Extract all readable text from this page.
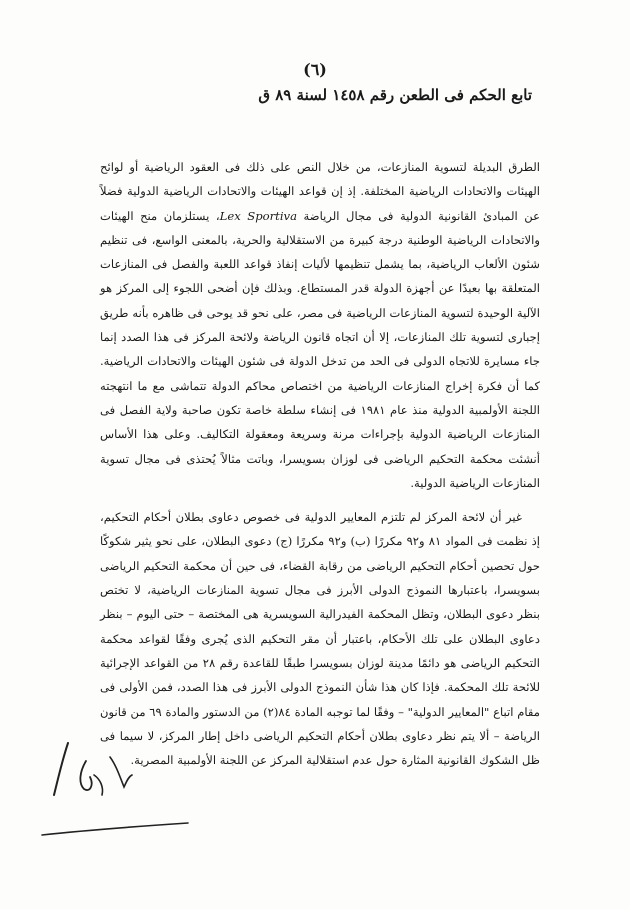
(٦)
تابع الحكم فى الطعن رقم ١٤٥٨ لسنة ٨٩ ق

الطرق البديلة لتسوية المنازعات، من خلال النص على ذلك فى العقود الرياضية أو لوائح الهيئات والاتحادات الرياضية المختلفة. إذ إن قواعد الهيئات والاتحادات الرياضية الدولية فضلاً عن المبادئ القانونية الدولية فى مجال الرياضة Lex Sportiva، يستلزمان منح الهيئات والاتحادات الرياضية الوطنية درجة كبيرة من الاستقلالية والحرية، بالمعنى الواسع، فى تنظيم شئون الألعاب الرياضية، بما يشمل تنظيمها لأليات إنفاذ قواعد اللعبة والفصل فى المنازعات المتعلقة بها بعيدًا عن أجهزة الدولة قدر المستطاع. وبذلك فإن أضحى اللجوء إلى المركز هو الآلية الوحيدة لتسوية المنازعات الرياضية فى مصر، على نحو قد يوحى فى ظاهره بأنه طريق إجبارى لتسوية تلك المنازعات، إلا أن اتجاه قانون الرياضة ولائحة المركز فى هذا الصدد إنما جاء مسايرة للاتجاه الدولى فى الحد من تدخل الدولة فى شئون الهيئات والاتحادات الرياضية. كما أن فكرة إخراج المنازعات الرياضية من اختصاص محاكم الدولة تتماشى مع ما انتهجته اللجنة الأولمبية الدولية منذ عام ١٩٨١ فى إنشاء سلطة خاصة تكون صاحبة ولاية الفصل فى المنازعات الرياضية الدولية بإجراءات مرنة وسريعة ومعقولة التكاليف. وعلى هذا الأساس أنشئت محكمة التحكيم الرياضى فى لوزان بسويسرا، وباتت مثالاً يُحتذى فى مجال تسوية المنازعات الرياضية الدولية.

غير أن لائحة المركز لم تلتزم المعايير الدولية فى خصوص دعاوى بطلان أحكام التحكيم، إذ نظمت فى المواد ٨١ و٩٢ مكررًا (ب) و٩٢ مكررًا (ج) دعوى البطلان، على نحو يثير شكوكًا حول تحصين أحكام التحكيم الرياضى من رقابة القضاء، فى حين أن محكمة التحكيم الرياضى بسويسرا، باعتبارها النموذج الدولى الأبرز فى مجال تسوية المنازعات الرياضية، لا تختص بنظر دعوى البطلان، وتظل المحكمة الفيدرالية السويسرية هى المختصة – حتى اليوم – بنظر دعاوى البطلان على تلك الأحكام، باعتبار أن مقر التحكيم الذى يُجرى وفقًا لقواعد محكمة التحكيم الرياضى هو دائمًا مدينة لوزان بسويسرا طبقًا للقاعدة رقم ٢٨ من القواعد الإجرائية للائحة تلك المحكمة. فإذا كان هذا شأن النموذج الدولى الأبرز فى هذا الصدد، فمن الأولى فى مقام اتباع "المعايير الدولية" – وفقًا لما توجبه المادة ٨٤(٢) من الدستور والمادة ٦٩ من قانون الرياضة – ألا يتم نظر دعاوى بطلان أحكام التحكيم الرياضى داخل إطار المركز، لا سيما فى ظل الشكوك القانونية المثارة حول عدم استقلالية المركز عن اللجنة الأولمبية المصرية.
